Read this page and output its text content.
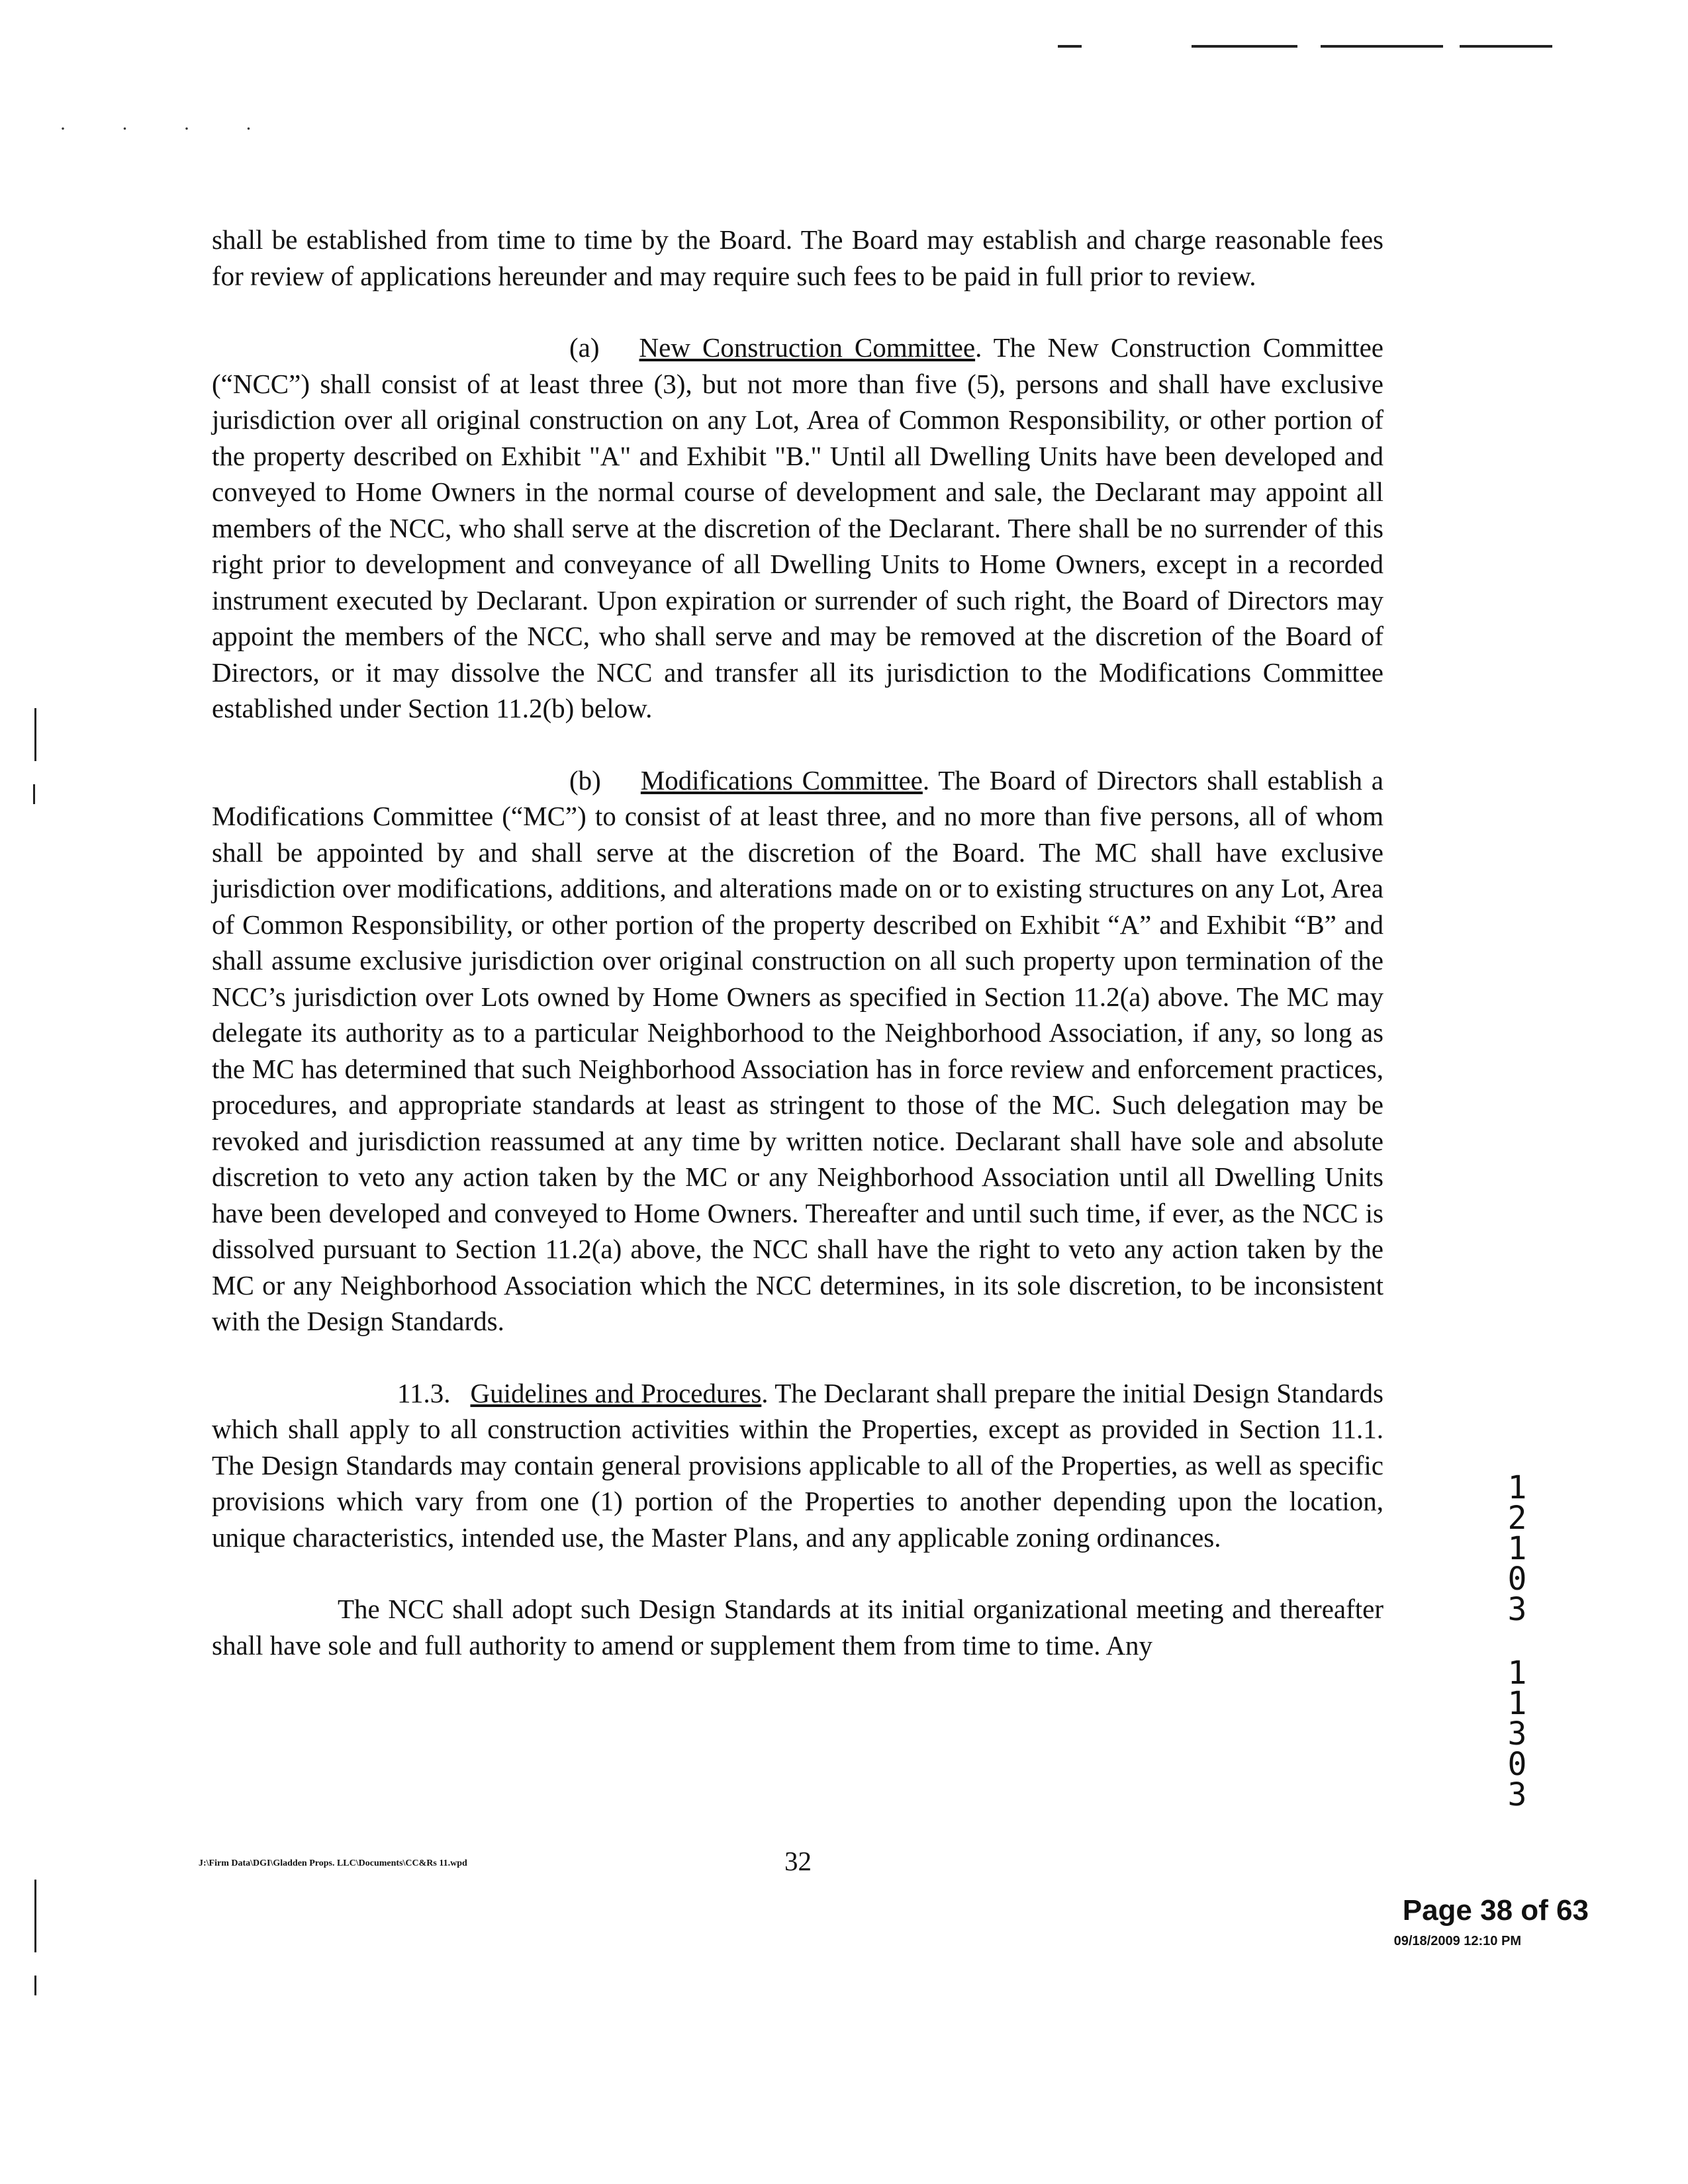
· · · ·

shall be established from time to time by the Board. The Board may establish and charge reasonable fees for review of applications hereunder and may require such fees to be paid in full prior to review.

(a) New Construction Committee. The New Construction Committee (“NCC”) shall consist of at least three (3), but not more than five (5), persons and shall have exclusive jurisdiction over all original construction on any Lot, Area of Common Responsibility, or other portion of the property described on Exhibit "A" and Exhibit "B." Until all Dwelling Units have been developed and conveyed to Home Owners in the normal course of development and sale, the Declarant may appoint all members of the NCC, who shall serve at the discretion of the Declarant. There shall be no surrender of this right prior to development and conveyance of all Dwelling Units to Home Owners, except in a recorded instrument executed by Declarant. Upon expiration or surrender of such right, the Board of Directors may appoint the members of the NCC, who shall serve and may be removed at the discretion of the Board of Directors, or it may dissolve the NCC and transfer all its jurisdiction to the Modifications Committee established under Section 11.2(b) below.

(b) Modifications Committee. The Board of Directors shall establish a Modifications Committee (“MC”) to consist of at least three, and no more than five persons, all of whom shall be appointed by and shall serve at the discretion of the Board. The MC shall have exclusive jurisdiction over modifications, additions, and alterations made on or to existing structures on any Lot, Area of Common Responsibility, or other portion of the property described on Exhibit “A” and Exhibit “B” and shall assume exclusive jurisdiction over original construction on all such property upon termination of the NCC’s jurisdiction over Lots owned by Home Owners as specified in Section 11.2(a) above. The MC may delegate its authority as to a particular Neighborhood to the Neighborhood Association, if any, so long as the MC has determined that such Neighborhood Association has in force review and enforcement practices, procedures, and appropriate standards at least as stringent to those of the MC. Such delegation may be revoked and jurisdiction reassumed at any time by written notice. Declarant shall have sole and absolute discretion to veto any action taken by the MC or any Neighborhood Association until all Dwelling Units have been developed and conveyed to Home Owners. Thereafter and until such time, if ever, as the NCC is dissolved pursuant to Section 11.2(a) above, the NCC shall have the right to veto any action taken by the MC or any Neighborhood Association which the NCC determines, in its sole discretion, to be inconsistent with the Design Standards.

11.3. Guidelines and Procedures. The Declarant shall prepare the initial Design Standards which shall apply to all construction activities within the Properties, except as provided in Section 11.1. The Design Standards may contain general provisions applicable to all of the Properties, as well as specific provisions which vary from one (1) portion of the Properties to another depending upon the location, unique characteristics, intended use, the Master Plans, and any applicable zoning ordinances.

The NCC shall adopt such Design Standards at its initial organizational meeting and thereafter shall have sole and full authority to amend or supplement them from time to time. Any

1
2
1
0
3
1
1
3
0
3
J:\Firm Data\DGI\Gladden Props. LLC\Documents\CC&Rs 11.wpd	32
Page 38 of 63
09/18/2009 12:10 PM
